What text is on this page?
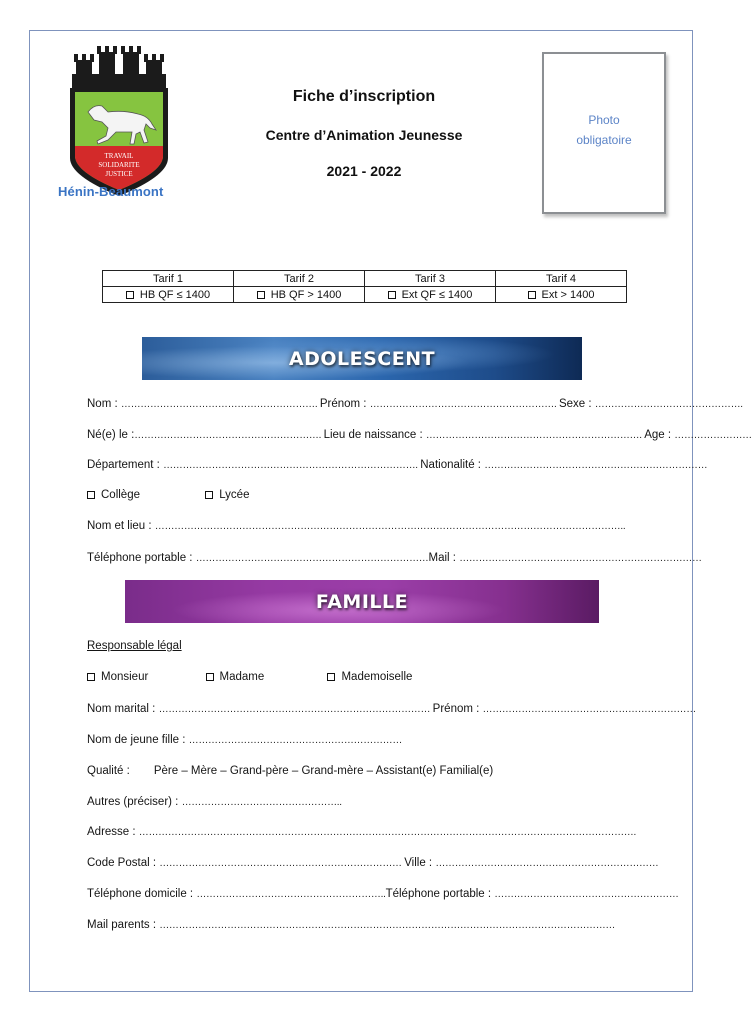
TRAVAIL
SOLIDARITE
JUSTICE
Hénin-Beaumont
Fiche d’inscription
Centre d’Animation Jeunesse
2021 - 2022
Photo
obligatoire
Tarif 1	Tarif 2	Tarif 3	Tarif 4
HB QF ≤ 1400	HB QF > 1400	Ext QF ≤ 1400	Ext > 1400
ADOLESCENT
Nom : ……………………………………………………. Prénom : …………………………………………………. Sexe : ……………………………………….
Né(e) le :…………………………………………………. Lieu de naissance : …………………………………………………………. Age : ……………………
Département : ……………………………………………………………………. Nationalité : ……………………………………………………………
Collège
	Lycée
Nom et lieu : ………………………………………………………………………………………………………………………………..
Téléphone portable : ………………………………………………………………Mail : …………………………………………………………………
FAMILLE
Responsable légal
Monsieur
	Madame
	Mademoiselle
Nom marital : ………………………………………………………………………… Prénom : …………………………………………………………
Nom de jeune fille : …………………………………………………………
Qualité : Père – Mère – Grand-père – Grand-mère – Assistant(e) Familial(e)
Autres (préciser) : …………………………………………..
Adresse : ……………………………………………………………………………………………………………………………………….
Code Postal : ………………………………………………………………… Ville : ……………………………………………………………
Téléphone domicile : …………………………………………………..Téléphone portable : …………………………………………………
Mail parents : ……………………………………………………………………………………………………………………………
